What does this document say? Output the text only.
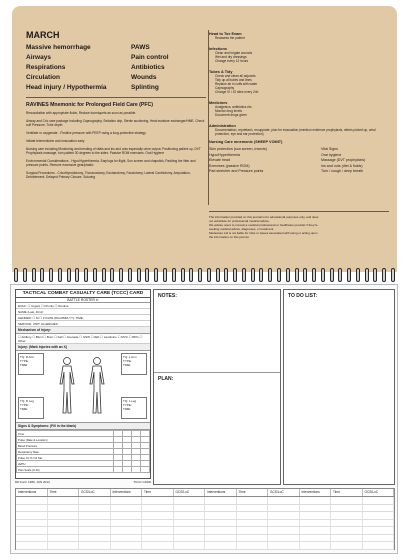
MARCH
Massive hemorrhage	PAWS
Airways	Pain control
Respirations	Antibiotics
Circulation	Wounds
Head injury / Hypothermia	Splinting
RAVINES Mnemonic for Prolonged Field Care (PFC)
Resuscitation with appropriate fluids, Reduce tourniquets as soon as possible.
Airway and Cric care package including Capnography, Sedation drip, Sterile suctioning, Heat moisture exchanger/HME, Check cuff Pressure, Tube depth
Ventilate or oxygenate - Positive pressure with PEEP using a lung-protective strategy
Initiate telemedicine and evacuation early
Nursing care including Monitoring and trending of vitals and ins and outs especially urine output. Positioning patient up, DVT Prophylaxis massage, turn patient 30 degrees to the sides. Passive ROM exercises. Oral Hygiene
Environmental Considerations - Hypo/Hyperthermia, Earplugs for flight, Sun screen and chapstick, Padding the litter and pressure points. Remove excessive gear/plastic
Surgical Procedures - Cricothyroidotomy, Thoracostomy, Escharotomy, Fasciotomy, Lateral Canthotomy, Amputation, Debridement, Delayed Primary Closure, Suturing
Head to Toe Exam
Reassess the patient
Infections
Clean and irrigate wounds
Wet and dry dressings
Change every 12 hours
Tubes & Tidy
Check and clean all adjuncts
Tidy up all tubes and lines
Replace air in cuffs with water
Capnography
Change IV / IO sites every 24h
Medicines
Analgesics, antibiotics etc.
Monitor drug levels
Document drugs given
Administration
Documentation, reprietach, reoupprate, plan for evacuation (mention evidence prophylaxis, debris picked up, wind protection, eye and ear protection)
Nursing Care mnemonic (SHEEP VOMIT)
Skin protection (sun screen, insects)	Vital Signs
Hypo/Hyperthermia	Oral hygiene
Elevate head	Massage (DVT prophylaxis)
Exercises (passive ROM)	Ins and outs (diet & fluids)
Pad stretcher and Pressure points	Turn / cough / deep breath
The information provided on this journal is for educational purposes only, and does
not substitute for professional medical advice.
We advise users to consult a medical professional or healthcare provider if they're
seeking medical advice, diagnoses, or treatment.
Medestore Ltd is not liable for risks or issues associated with using or acting upon
the information on this journal.
TACTICAL COMBAT CASUALTY CARE (TCCC) CARD
BATTLE ROSTER #:
EVAC: ☐ Urgent ☐ Priority ☐ Routine
NAME (Last, First):
GENDER: ☐ M ☐ F DATE (DD-MMM-YY): TIME:
SERVICE: UNIT: ALLERGIES:
Mechanism of Injury:
☐ Artillery ☐ Blunt ☐ Burn ☐ Fall ☐ Grenade ☐ GSW ☐ IED ☐ Landmine ☐ MVC ☐ RPG ☐ Other:
Injury: (Mark injuries with an X)
TQ: R Arm
TYPE:
TIME:
TQ: L Arm
TYPE:
TIME:
TQ: R Leg
TYPE:
TIME:
TQ: L Leg
TYPE:
TIME:
Signs & Symptoms: (Fill in the blank)
Time				
Pulse (Rate & Location)				
Blood Pressure				
Respiratory Rate				
Pulse Ox % O2 Sat				
AVPU				
Pain Scale (0-10)				
DD Form 1380, JUN 2014	TCCC CARD
NOTES:
PLAN:
TO DO LIST:
Interventions	Time	GCS/LoC	Interventions	Time	GCS/LoC	Interventions	Time	GCS/LoC	Interventions	Time	GCS/LoC
